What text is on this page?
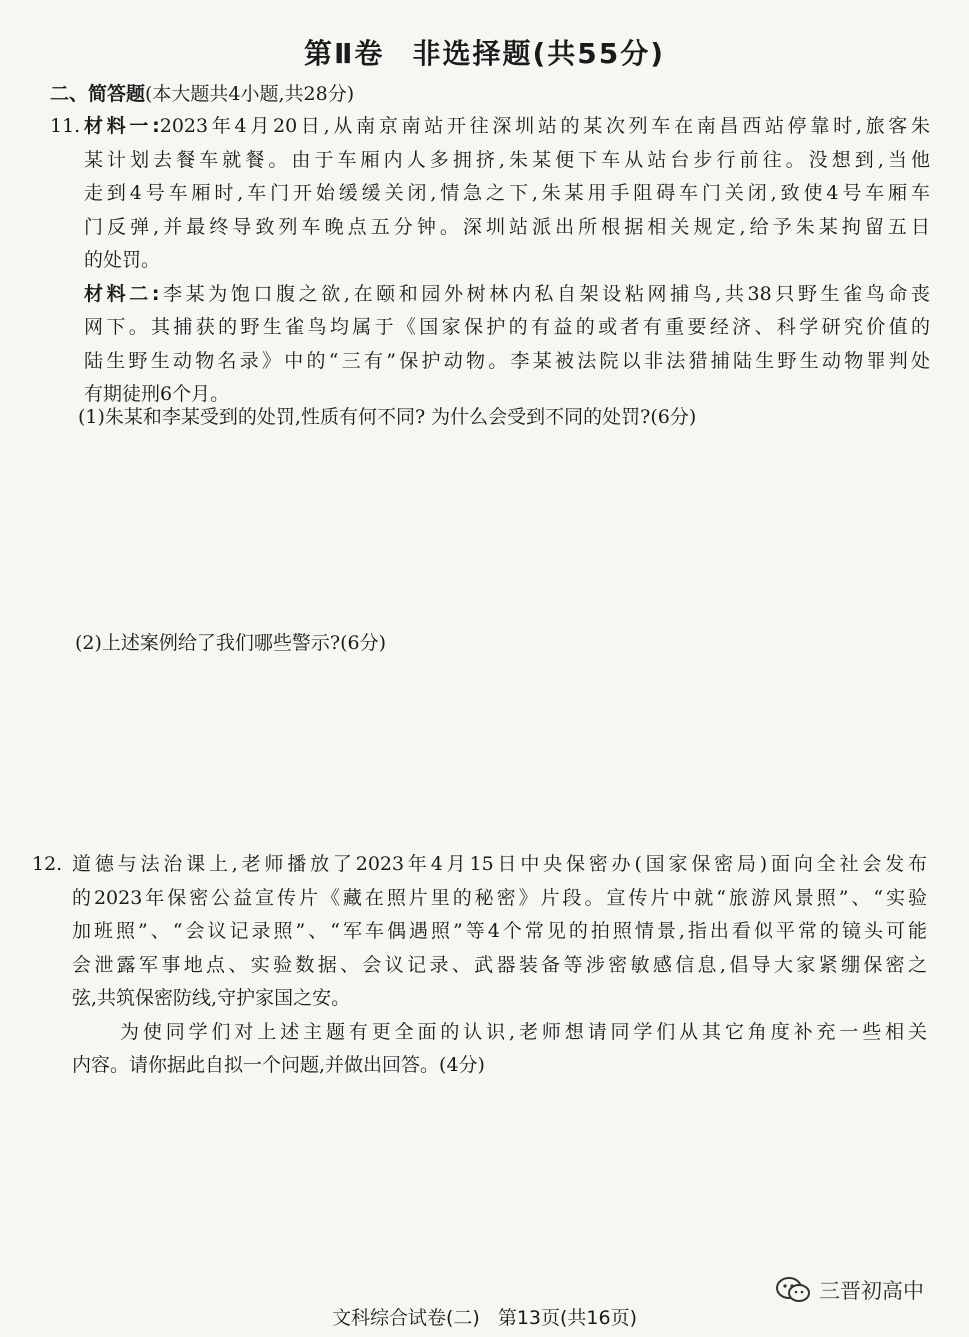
第Ⅱ卷 非选择题(共55分)
二、简答题(本大题共4小题,共28分)
11. 材料一:2023年4月20日,从南京南站开往深圳站的某次列车在南昌西站停靠时,旅客朱
某计划去餐车就餐。由于车厢内人多拥挤,朱某便下车从站台步行前往。没想到,当他
走到4号车厢时,车门开始缓缓关闭,情急之下,朱某用手阻碍车门关闭,致使4号车厢车
门反弹,并最终导致列车晚点五分钟。深圳站派出所根据相关规定,给予朱某拘留五日
的处罚。
材料二:李某为饱口腹之欲,在颐和园外树林内私自架设粘网捕鸟,共38只野生雀鸟命丧
网下。其捕获的野生雀鸟均属于《国家保护的有益的或者有重要经济、科学研究价值的
陆生野生动物名录》中的“三有”保护动物。李某被法院以非法猎捕陆生野生动物罪判处
有期徒刑6个月。
(1)朱某和李某受到的处罚,性质有何不同? 为什么会受到不同的处罚?(6分)
(2)上述案例给了我们哪些警示?(6分)
12. 道德与法治课上,老师播放了2023年4月15日中央保密办(国家保密局)面向全社会发布
的2023年保密公益宣传片《藏在照片里的秘密》片段。宣传片中就“旅游风景照”、“实验
加班照”、“会议记录照”、“军车偶遇照”等4个常见的拍照情景,指出看似平常的镜头可能
会泄露军事地点、实验数据、会议记录、武器装备等涉密敏感信息,倡导大家紧绷保密之
弦,共筑保密防线,守护家国之安。
为使同学们对上述主题有更全面的认识,老师想请同学们从其它角度补充一些相关
内容。请你据此自拟一个问题,并做出回答。(4分)
三晋初高中
文科综合试卷(二) 第13页(共16页)
